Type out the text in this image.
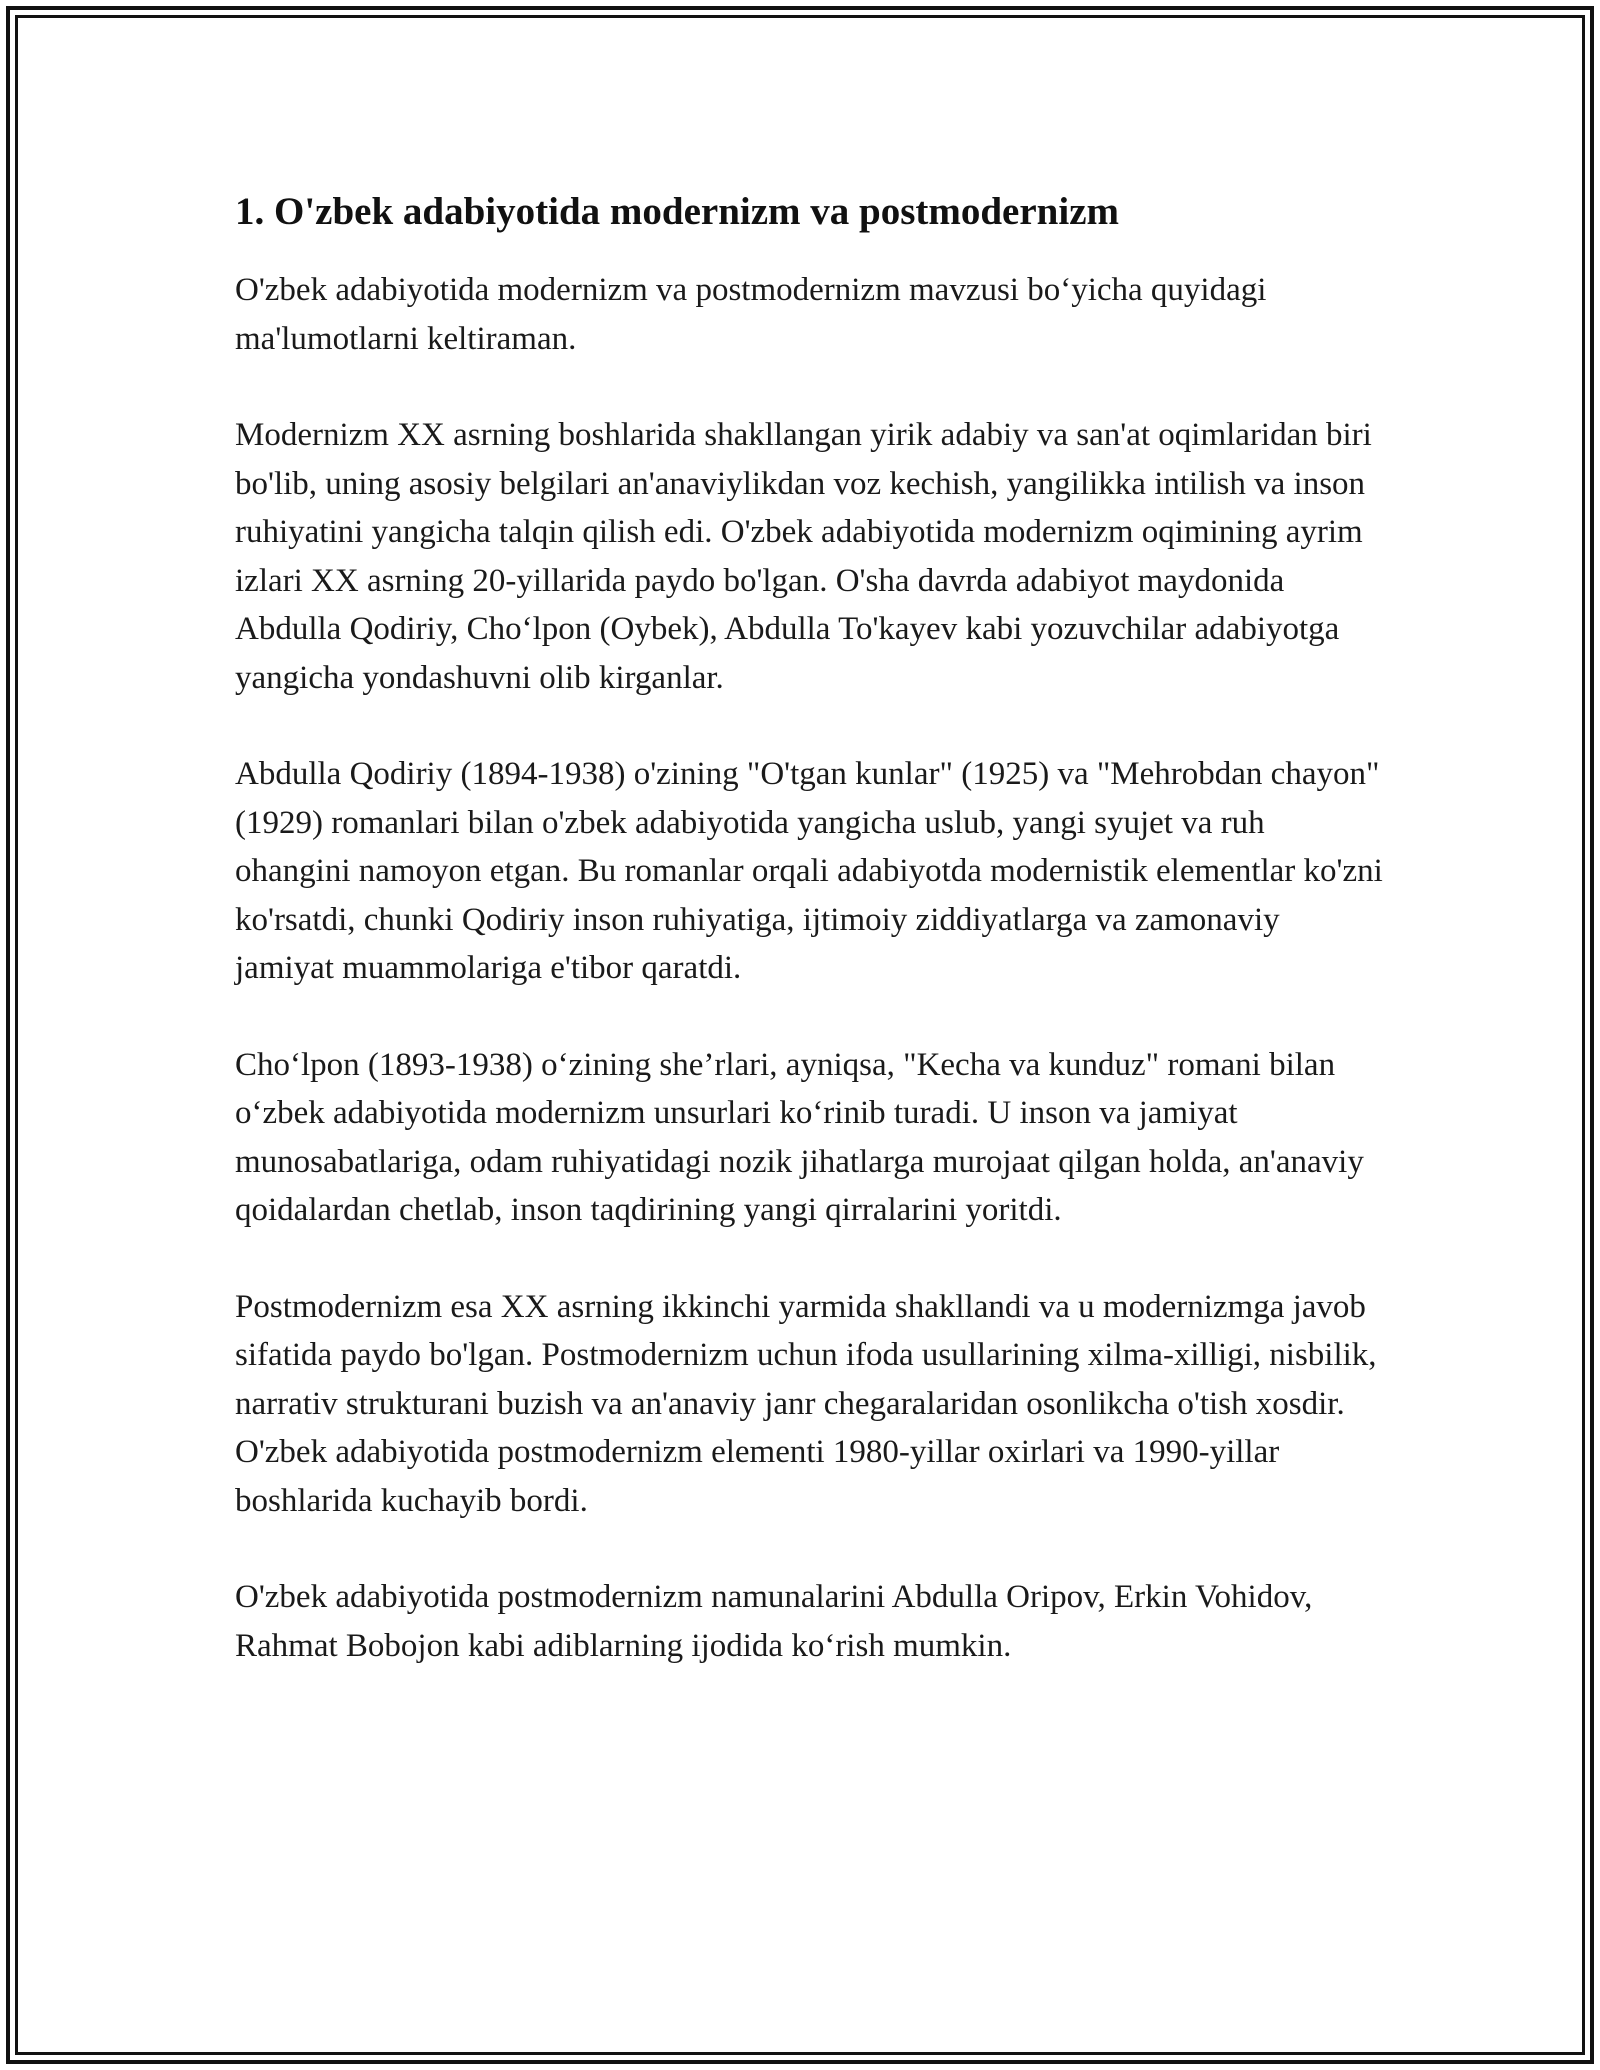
1. O'zbek adabiyotida modernizm va postmodernizm

O'zbek adabiyotida modernizm va postmodernizm mavzusi bo‘yicha quyidagi ma'lumotlarni keltiraman.

Modernizm XX asrning boshlarida shakllangan yirik adabiy va san'at oqimlaridan biri bo'lib, uning asosiy belgilari an'anaviylikdan voz kechish, yangilikka intilish va inson ruhiyatini yangicha talqin qilish edi. O'zbek adabiyotida modernizm oqimining ayrim izlari XX asrning 20-yillarida paydo bo'lgan. O'sha davrda adabiyot maydonida Abdulla Qodiriy, Cho‘lpon (Oybek), Abdulla To'kayev kabi yozuvchilar adabiyotga yangicha yondashuvni olib kirganlar.

Abdulla Qodiriy (1894-1938) o'zining "O'tgan kunlar" (1925) va "Mehrobdan chayon" (1929) romanlari bilan o'zbek adabiyotida yangicha uslub, yangi syujet va ruh ohangini namoyon etgan. Bu romanlar orqali adabiyotda modernistik elementlar ko'zni ko'rsatdi, chunki Qodiriy inson ruhiyatiga, ijtimoiy ziddiyatlarga va zamonaviy jamiyat muammolariga e'tibor qaratdi.

Cho‘lpon (1893-1938) o‘zining she’rlari, ayniqsa, "Kecha va kunduz" romani bilan o‘zbek adabiyotida modernizm unsurlari ko‘rinib turadi. U inson va jamiyat munosabatlariga, odam ruhiyatidagi nozik jihatlarga murojaat qilgan holda, an'anaviy qoidalardan chetlab, inson taqdirining yangi qirralarini yoritdi.

Postmodernizm esa XX asrning ikkinchi yarmida shakllandi va u modernizmga javob sifatida paydo bo'lgan. Postmodernizm uchun ifoda usullarining xilma-xilligi, nisbilik, narrativ strukturani buzish va an'anaviy janr chegaralaridan osonlikcha o'tish xosdir. O'zbek adabiyotida postmodernizm elementi 1980-yillar oxirlari va 1990-yillar boshlarida kuchayib bordi.

O'zbek adabiyotida postmodernizm namunalarini Abdulla Oripov, Erkin Vohidov, Rahmat Bobojon kabi adiblarning ijodida ko‘rish mumkin.
